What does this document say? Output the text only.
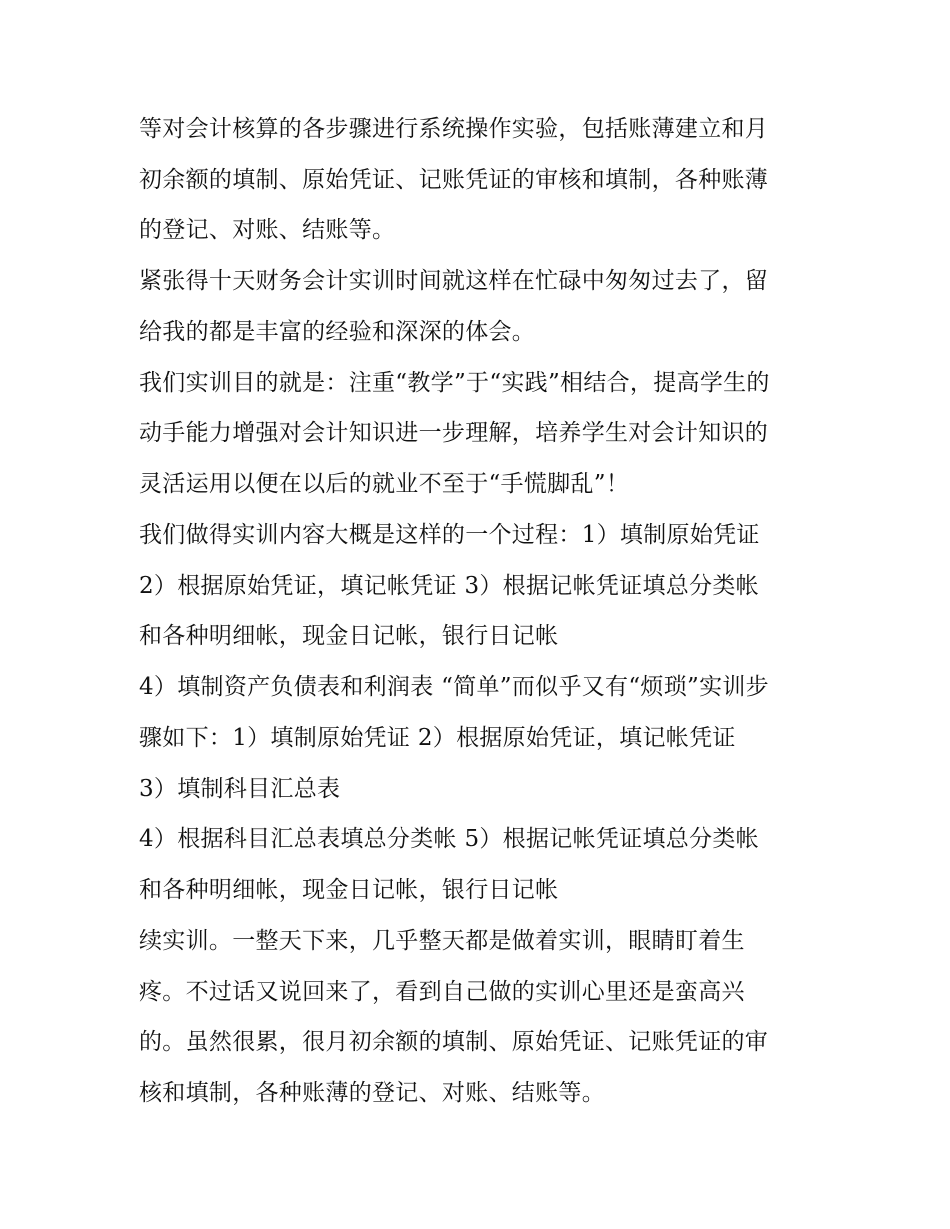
等对会计核算的各步骤进行系统操作实验，包括账薄建立和月
初余额的填制、原始凭证、记账凭证的审核和填制，各种账薄
的登记、对账、结账等。
紧张得十天财务会计实训时间就这样在忙碌中匆匆过去了，留
给我的都是丰富的经验和深深的体会。
我们实训目的就是：注重“教学”于“实践”相结合，提高学生的
动手能力增强对会计知识进一步理解，培养学生对会计知识的
灵活运用以便在以后的就业不至于“手慌脚乱”！
我们做得实训内容大概是这样的一个过程：1）填制原始凭证
2）根据原始凭证，填记帐凭证 3）根据记帐凭证填总分类帐
和各种明细帐，现金日记帐，银行日记帐
4）填制资产负债表和利润表 “简单”而似乎又有“烦琐”实训步
骤如下：1）填制原始凭证 2）根据原始凭证，填记帐凭证
3）填制科目汇总表
4）根据科目汇总表填总分类帐 5）根据记帐凭证填总分类帐
和各种明细帐，现金日记帐，银行日记帐
续实训。一整天下来，几乎整天都是做着实训，眼睛盯着生
疼。不过话又说回来了，看到自己做的实训心里还是蛮高兴
的。虽然很累，很月初余额的填制、原始凭证、记账凭证的审
核和填制，各种账薄的登记、对账、结账等。
